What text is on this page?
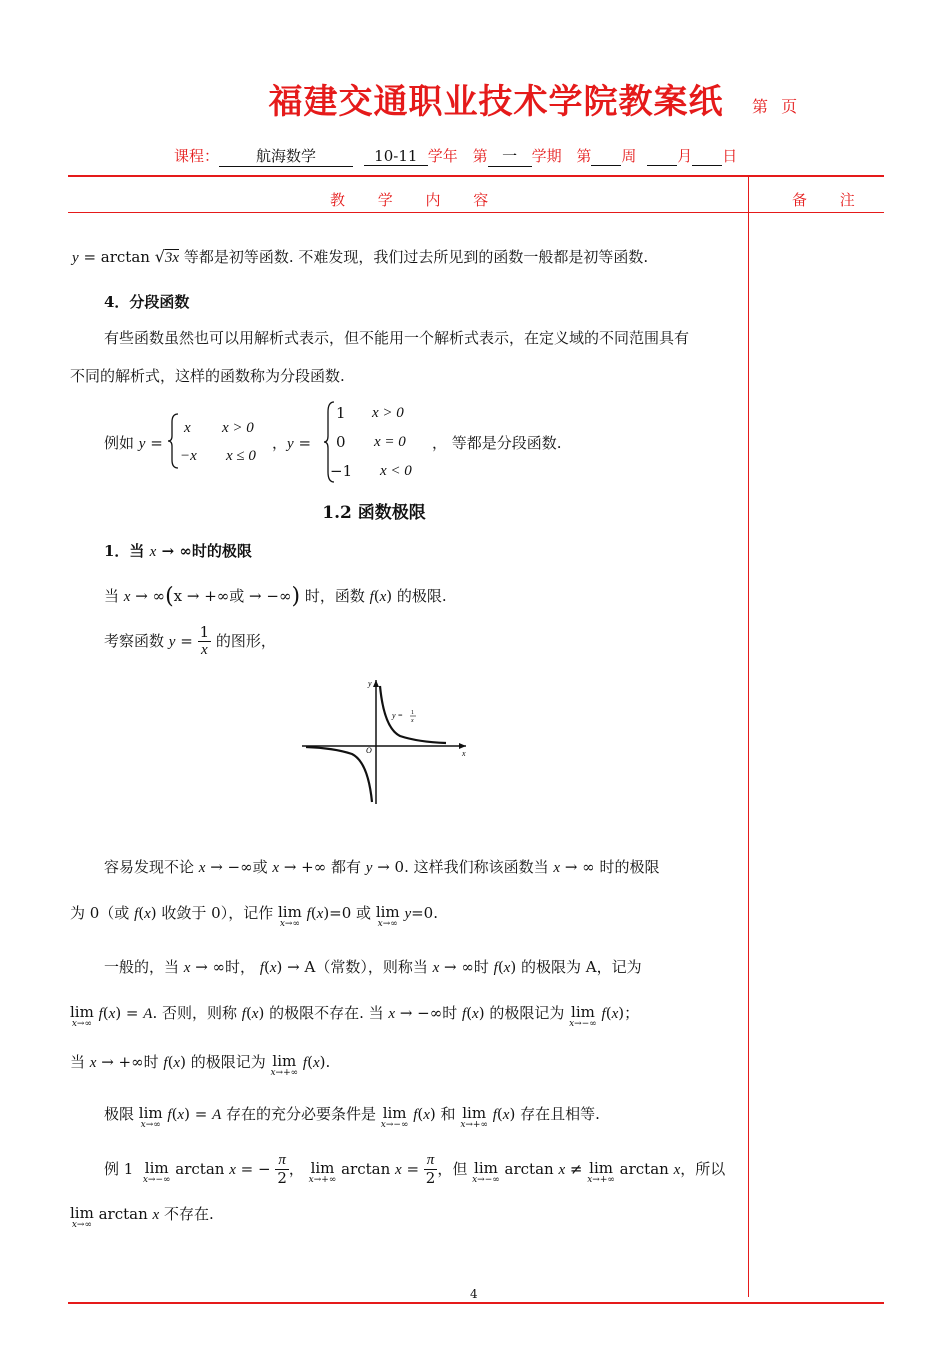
福建交通职业技术学院教案纸	第 页
课程： 航海数学	10-11 学年 第 一 学期 第 周	月 日
教 学 内 容	备 注
y = arctan √3x 等都是初等函数. 不难发现，我们过去所见到的函数一般都是初等函数.
4．分段函数
有些函数虽然也可以用解析式表示，但不能用一个解析式表示，在定义域的不同范围具有
不同的解析式，这样的函数称为分段函数.
例如 y =
x x > 0
−x x ≤ 0
，y =
1 x > 0
0 x = 0
−1 x < 0
， 等都是分段函数.
1.2 函数极限
1．当 x → ∞时的极限
当 x → ∞(x → +∞或 → −∞) 时，函数 f(x) 的极限.
考察函数 $y = \frac{1}{x}$ 的图形，
y
x
O
y = 1
x
容易发现不论 x → −∞或 x → +∞ 都有 y → 0. 这样我们称该函数当 x → ∞ 时的极限
为 0（或 f(x) 收敛于 0），记作 lim
x→∞
f(x)=0 或 lim
x→∞
y=0.
一般的，当 x → ∞时， f(x) → A（常数），则称当 x → ∞时 f(x) 的极限为 A，记为
lim
x→∞
f(x) = A. 否则，则称 f(x) 的极限不存在. 当 x → −∞时 f(x) 的极限记为 lim
x→−∞
f(x)；
当 x → +∞时 f(x) 的极限记为 lim
x→+∞
f(x).
极限 lim
x→∞
f(x) = A 存在的充分必要条件是 lim
x→−∞
f(x) 和 lim
x→+∞
f(x) 存在且相等.
例 1 lim
x→−∞
arctan x = − $\frac{\pi}{2}$ ， lim
x→+∞
$\arctan x = \frac{\pi}{2}$ ，但 lim
x→−∞
arctan x ≠ lim
x→+∞
arctan x，所以
lim
x→∞
arctan x 不存在.
4
